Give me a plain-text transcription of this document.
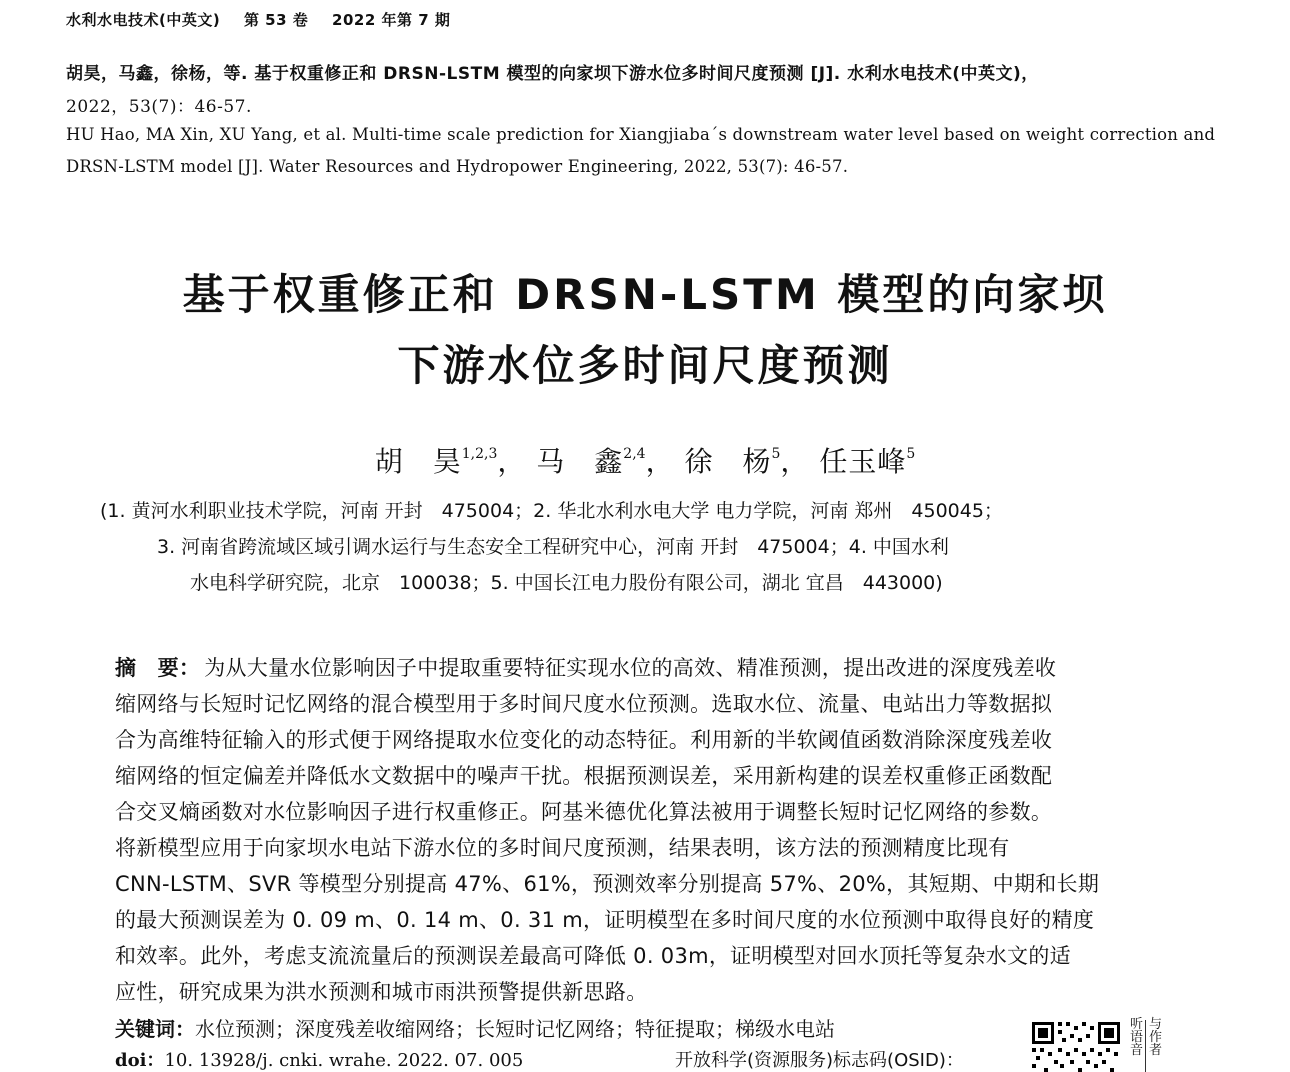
水利水电技术(中英文) 第 53 卷 2022 年第 7 期
胡昊，马鑫，徐杨，等. 基于权重修正和 DRSN-LSTM 模型的向家坝下游水位多时间尺度预测 [J]. 水利水电技术(中英文)，
2022，53(7)：46-57.
HU Hao, MA Xin, XU Yang, et al. Multi-time scale prediction for Xiangjiaba´s downstream water level based on weight correction and
DRSN-LSTM model [J]. Water Resources and Hydropower Engineering, 2022, 53(7): 46-57.
基于权重修正和 DRSN-LSTM 模型的向家坝
下游水位多时间尺度预测
胡　昊$^{1,2,3}$， 马　鑫$^{2,4}$， 徐　杨$^5$， 任玉峰$^5$
(1. 黄河水利职业技术学院，河南 开封　475004；2. 华北水利水电大学 电力学院，河南 郑州　450045；
3. 河南省跨流域区域引调水运行与生态安全工程研究中心，河南 开封　475004；4. 中国水利
水电科学研究院，北京　100038；5. 中国长江电力股份有限公司，湖北 宜昌　443000)
摘　要： 为从大量水位影响因子中提取重要特征实现水位的高效、精准预测，提出改进的深度残差收
缩网络与长短时记忆网络的混合模型用于多时间尺度水位预测。选取水位、流量、电站出力等数据拟
合为高维特征输入的形式便于网络提取水位变化的动态特征。利用新的半软阈值函数消除深度残差收
缩网络的恒定偏差并降低水文数据中的噪声干扰。根据预测误差，采用新构建的误差权重修正函数配
合交叉熵函数对水位影响因子进行权重修正。阿基米德优化算法被用于调整长短时记忆网络的参数。
将新模型应用于向家坝水电站下游水位的多时间尺度预测，结果表明，该方法的预测精度比现有
CNN-LSTM、SVR 等模型分别提高 47%、61%，预测效率分别提高 57%、20%，其短期、中期和长期
的最大预测误差为 0. 09 m、0. 14 m、0. 31 m，证明模型在多时间尺度的水位预测中取得良好的精度
和效率。此外，考虑支流流量后的预测误差最高可降低 0. 03m，证明模型对回水顶托等复杂水文的适
应性，研究成果为洪水预测和城市雨洪预警提供新思路。
关键词：水位预测；深度残差收缩网络；长短时记忆网络；特征提取；梯级水电站
doi：10. 13928/j. cnki. wrahe. 2022. 07. 005	开放科学(资源服务)标志码(OSID)：
听语音
与作者
